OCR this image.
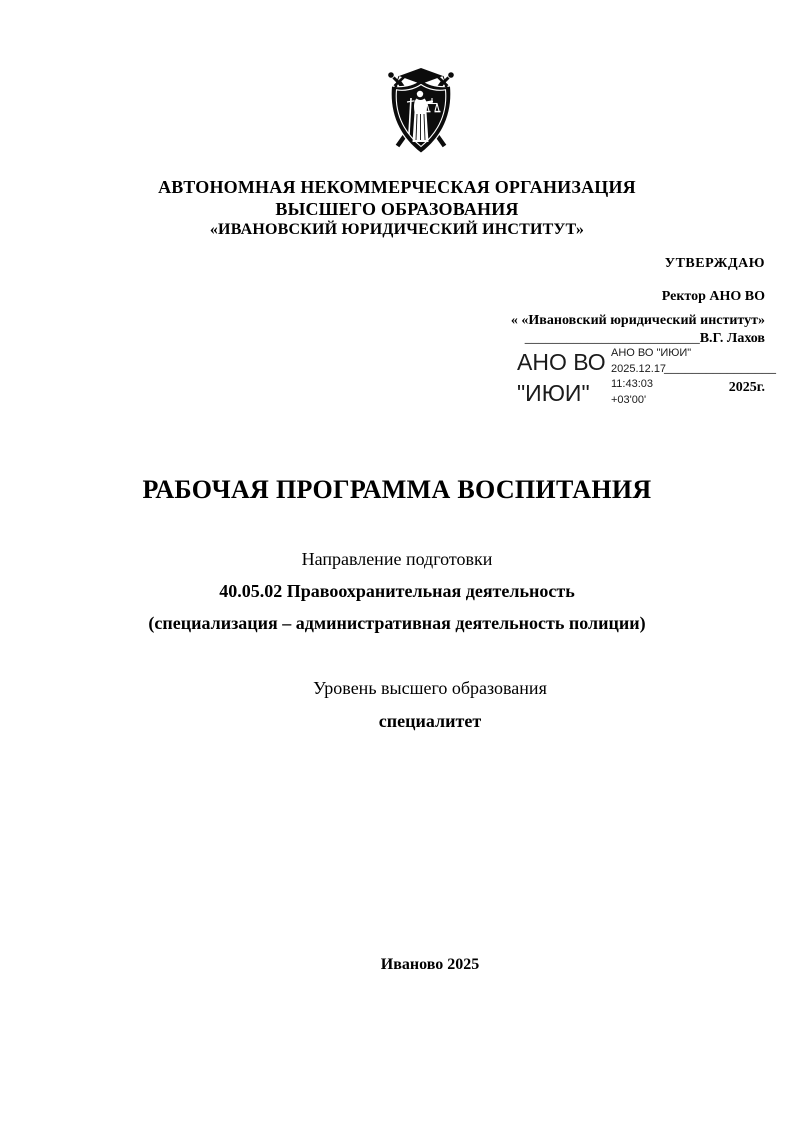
АВТОНОМНАЯ НЕКОММЕРЧЕСКАЯ ОРГАНИЗАЦИЯ
ВЫСШЕГО ОБРАЗОВАНИЯ
«ИВАНОВСКИЙ ЮРИДИЧЕСКИЙ ИНСТИТУТ»
УТВЕРЖДАЮ
Ректор АНО ВО
« «Ивановский юридический институт»
_________________________В.Г. Лахов
АНО ВО
"ИЮИ"
АНО ВО "ИЮИ"
2025.12.17
11:43:03
+03'00'
________________
2025г.
РАБОЧАЯ ПРОГРАММА ВОСПИТАНИЯ
Направление подготовки
40.05.02 Правоохранительная деятельность
(специализация – административная деятельность полиции)
Уровень высшего образования
специалитет
Иваново 2025
